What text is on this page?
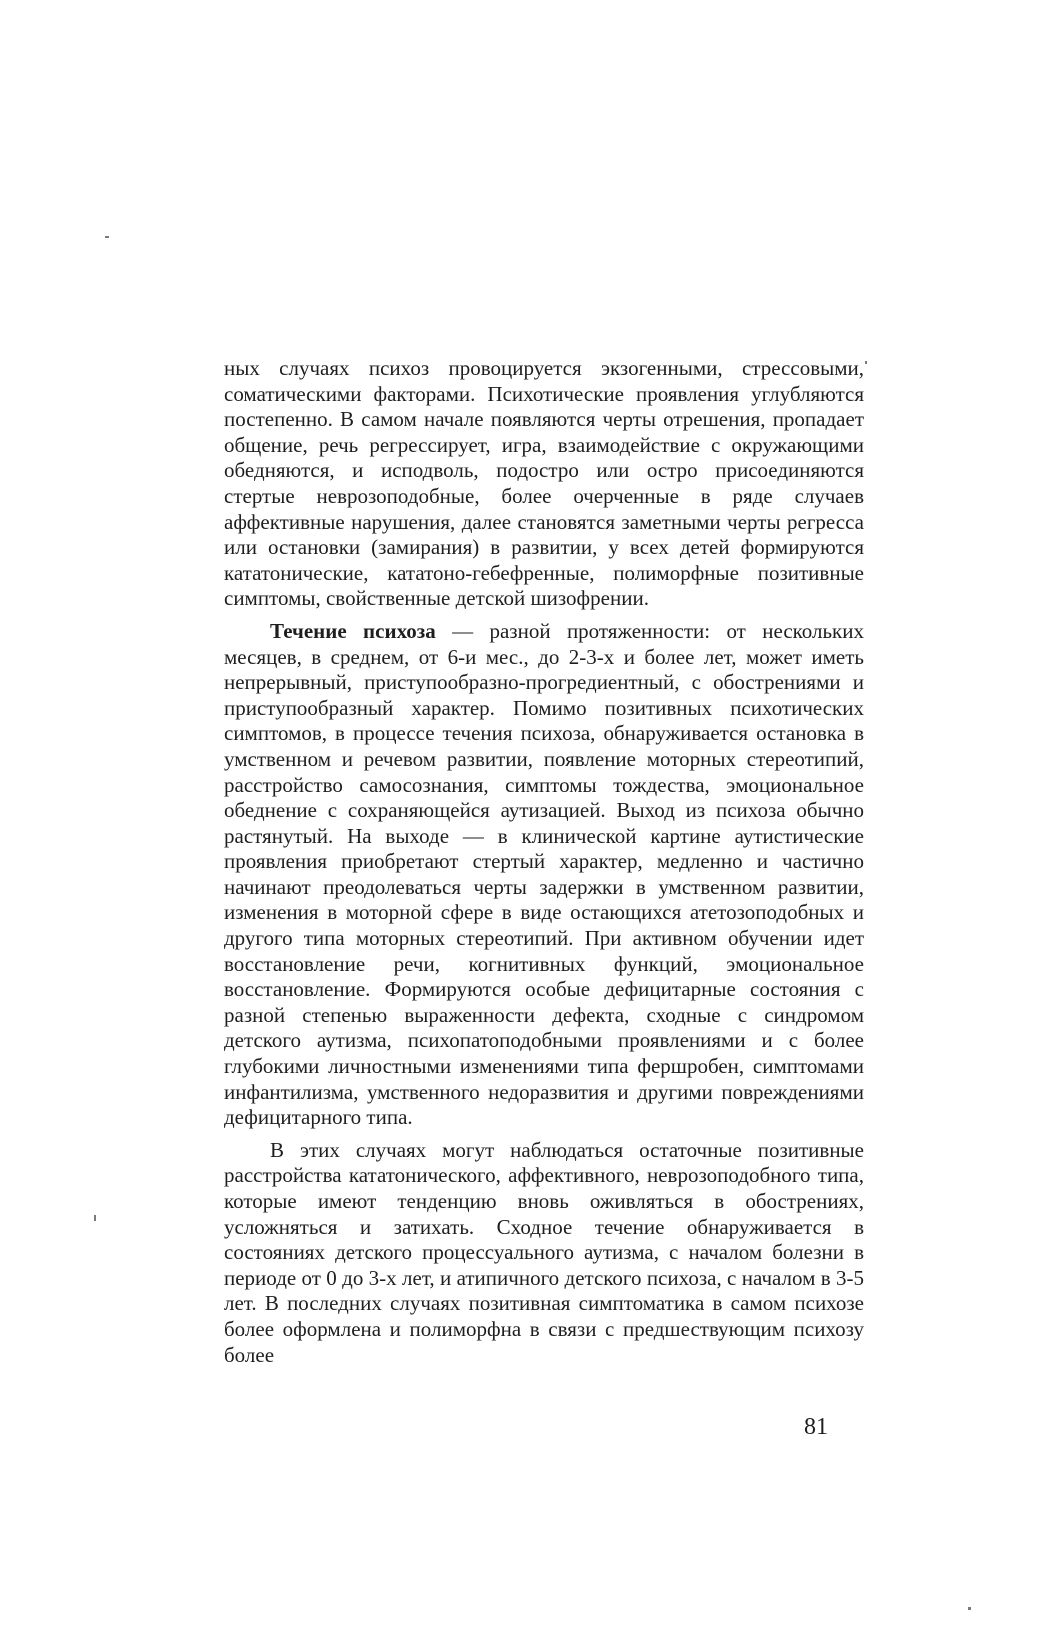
ных случаях психоз провоцируется экзогенными, стрессовыми, соматическими факторами. Психотические проявления углубляются постепенно. В самом начале появляются черты отрешения, пропадает общение, речь регрессирует, игра, взаимодействие с окружающими обедняются, и исподволь, подостро или остро присоединяются стертые неврозоподобные, более очерченные в ряде случаев аффективные нарушения, далее становятся заметными черты регресса или остановки (замирания) в развитии, у всех детей формируются кататонические, кататоно-гебефренные, полиморфные позитивные симптомы, свойственные детской шизофрении.

Течение психоза — разной протяженности: от нескольких месяцев, в среднем, от 6-и мес., до 2-3-х и более лет, может иметь непрерывный, приступообразно-прогредиентный, с обострениями и приступообразный характер. Помимо позитивных психотических симптомов, в процессе течения психоза, обнаруживается остановка в умственном и речевом развитии, появление моторных стереотипий, расстройство самосознания, симптомы тождества, эмоциональное обеднение с сохраняющейся аутизацией. Выход из психоза обычно растянутый. На выходе — в клинической картине аутистические проявления приобретают стертый характер, медленно и частично начинают преодолеваться черты задержки в умственном развитии, изменения в моторной сфере в виде остающихся атетозоподобных и другого типа моторных стереотипий. При активном обучении идет восстановление речи, когнитивных функций, эмоциональное восстановление. Формируются особые дефицитарные состояния с разной степенью выраженности дефекта, сходные с синдромом детского аутизма, психопатоподобными проявлениями и с более глубокими личностными изменениями типа фершробен, симптомами инфантилизма, умственного недоразвития и другими повреждениями дефицитарного типа.

В этих случаях могут наблюдаться остаточные позитивные расстройства кататонического, аффективного, неврозоподобного типа, которые имеют тенденцию вновь оживляться в обострениях, усложняться и затихать. Сходное течение обнаруживается в состояниях детского процессуального аутизма, с началом болезни в периоде от 0 до 3-х лет, и атипичного детского психоза, с началом в 3-5 лет. В последних случаях позитивная симптоматика в самом психозе более оформлена и полиморфна в связи с предшествующим психозу более

81
